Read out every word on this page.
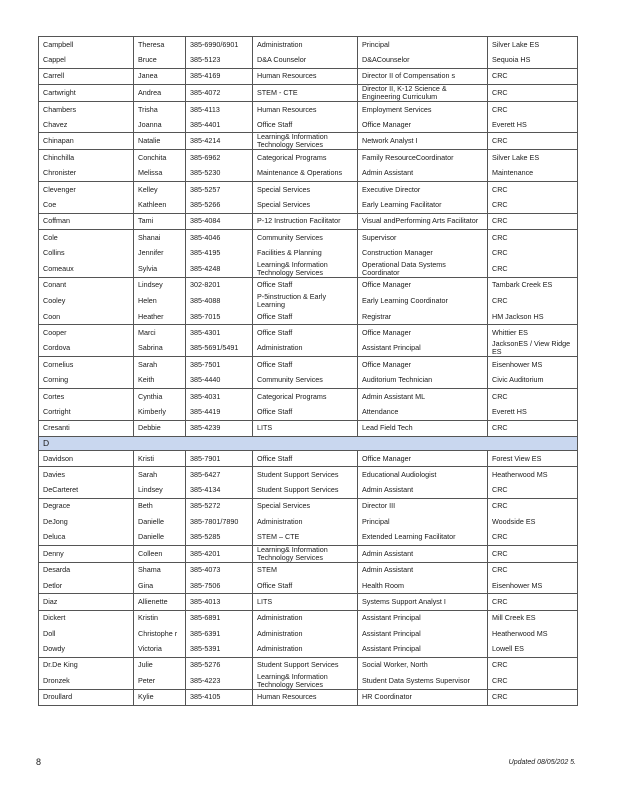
Campbell	Theresa	385-6990/6901	Administration	Principal	Silver Lake ES
Cappel	Bruce	385-5123	D&A Counselor	D&ACounselor	Sequoia HS
Carrell	Janea	385-4169	Human Resources	Director II of Compensation s	CRC
Cartwright	Andrea	385-4072	STEM - CTE	Director II, K-12 Science & Engineering Curriculum	CRC
Chambers	Trisha	385-4113	Human Resources	Employment Services	CRC
Chavez	Joanna	385-4401	Office Staff	Office Manager	Everett HS
Chinapan	Natalie	385-4214	Learning& Information Technology Services	Network Analyst I	CRC
Chinchilla	Conchita	385-6962	Categorical Programs	Family ResourceCoordinator	Silver Lake ES
Chronister	Melissa	385-5230	Maintenance & Operations	Admin Assistant	Maintenance
Clevenger	Kelley	385-5257	Special Services	Executive Director	CRC
Coe	Kathleen	385-5266	Special Services	Early Learning Facilitator	CRC
Coffman	Tami	385-4084	P-12 Instruction Facilitator	Visual andPerforming Arts Facilitator	CRC
Cole	Shanai	385-4046	Community Services	Supervisor	CRC
Collins	Jennifer	385-4195	Facilities & Planning	Construction Manager	CRC
Comeaux	Sylvia	385-4248	Learning& Information Technology Services	Operational Data Systems Coordinator	CRC
Conant	Lindsey	302-8201	Office Staff	Office Manager	Tambark Creek ES
Cooley	Helen	385-4088	P-5instruction & Early Learning	Early Learning Coordinator	CRC
Coon	Heather	385-7015	Office Staff	Registrar	HM Jackson HS
Cooper	Marci	385-4301	Office Staff	Office Manager	Whittier ES
Cordova	Sabrina	385-5691/5491	Administration	Assistant Principal	JacksonES / View Ridge ES
Cornelius	Sarah	385-7501	Office Staff	Office Manager	Eisenhower MS
Corning	Keith	385-4440	Community Services	Auditorium Technician	Civic Auditorium
Cortes	Cynthia	385-4031	Categorical Programs	Admin Assistant ML	CRC
Cortright	Kimberly	385-4419	Office Staff	Attendance	Everett HS
Cresanti	Debbie	385-4239	LITS	Lead Field Tech	CRC
D					
Davidson	Kristi	385-7901	Office Staff	Office Manager	Forest View ES
Davies	Sarah	385-6427	Student Support Services	Educational Audiologist	Heatherwood MS
DeCarteret	Lindsey	385-4134	Student Support Services	Admin Assistant	CRC
Degrace	Beth	385-5272	Special Services	Director III	CRC
DeJong	Danielle	385-7801/7890	Administration	Principal	Woodside ES
Deluca	Danielle	385-5285	STEM – CTE	Extended Learning Facilitator	CRC
Denny	Colleen	385-4201	Learning& Information Technology Services	Admin Assistant	CRC
Desarda	Shama	385-4073	STEM	Admin Assistant	CRC
Detlor	Gina	385-7506	Office Staff	Health Room	Eisenhower MS
Diaz	Allienette	385-4013	LITS	Systems Support Analyst I	CRC
Dickert	Kristin	385-6891	Administration	Assistant Principal	Mill Creek ES
Doll	Christophe r	385-6391	Administration	Assistant Principal	Heatherwood MS
Dowdy	Victoria	385-5391	Administration	Assistant Principal	Lowell ES
Dr.De King	Julie	385-5276	Student Support Services	Social Worker, North	CRC
Dronzek	Peter	385-4223	Learning& Information Technology Services	Student Data Systems Supervisor	CRC
Droullard	Kylie	385-4105	Human Resources	HR Coordinator	CRC
8	Updated 08/05/202 5.
